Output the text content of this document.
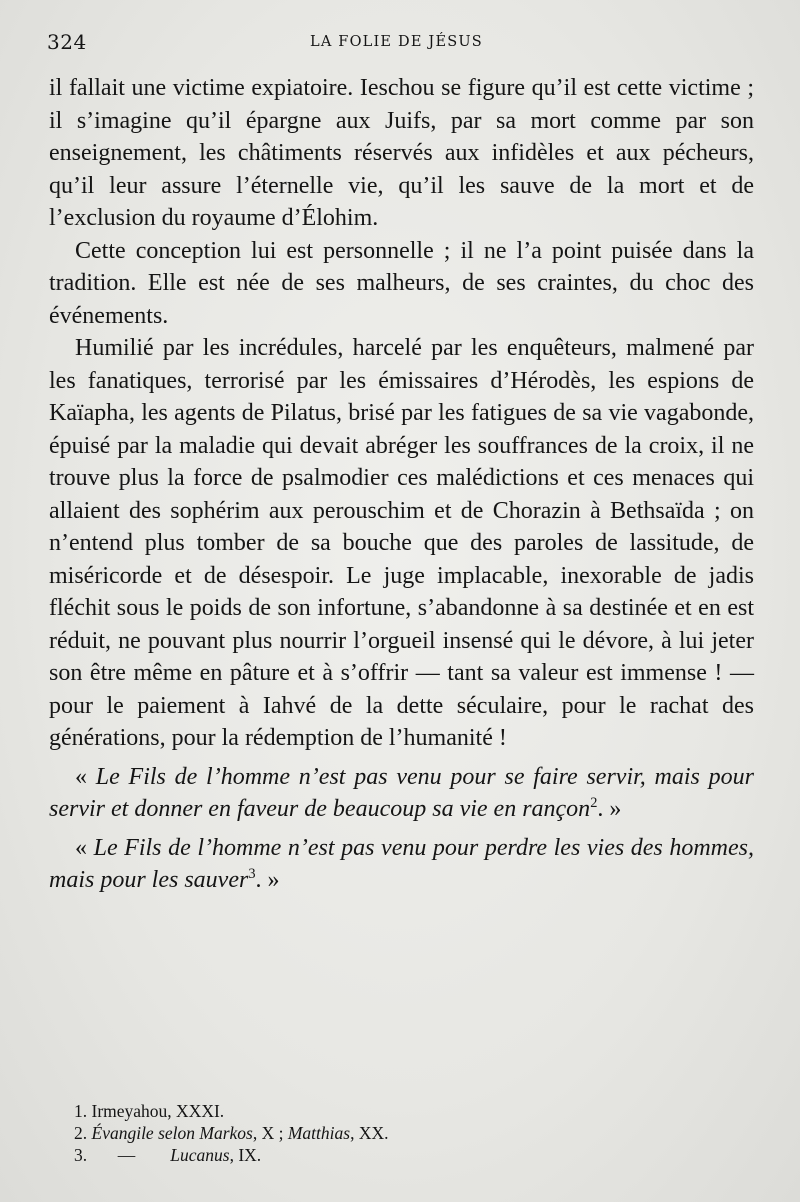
324	LA FOLIE DE JÉSUS

il fallait une victime expiatoire. Ieschou se figure qu’il est cette victime ; il s’imagine qu’il épargne aux Juifs, par sa mort comme par son enseignement, les châtiments réservés aux infidèles et aux pécheurs, qu’il leur assure l’éternelle vie, qu’il les sauve de la mort et de l’exclusion du royaume d’Élohim.

Cette conception lui est personnelle ; il ne l’a point puisée dans la tradition. Elle est née de ses malheurs, de ses craintes, du choc des événements.

Humilié par les incrédules, harcelé par les enquêteurs, malmené par les fanatiques, terrorisé par les émissaires d’Hérodès, les espions de Kaïapha, les agents de Pilatus, brisé par les fatigues de sa vie vagabonde, épuisé par la maladie qui devait abréger les souffrances de la croix, il ne trouve plus la force de psalmodier ces malédictions et ces menaces qui allaient des sophérim aux perouschim et de Chorazin à Bethsaïda ; on n’entend plus tomber de sa bouche que des paroles de lassitude, de miséricorde et de désespoir. Le juge implacable, inexorable de jadis fléchit sous le poids de son infortune, s’abandonne à sa destinée et en est réduit, ne pouvant plus nourrir l’orgueil insensé qui le dévore, à lui jeter son être même en pâture et à s’offrir — tant sa valeur est immense ! — pour le paiement à Iahvé de la dette séculaire, pour le rachat des générations, pour la rédemption de l’humanité !

« Le Fils de l’homme n’est pas venu pour se faire servir, mais pour servir et donner en faveur de beaucoup sa vie en rançon$^2$. »

« Le Fils de l’homme n’est pas venu pour perdre les vies des hommes, mais pour les sauver$^3$. »

1. Irmeyahou, XXXI.

2. Évangile selon Markos, X ; Matthias, XX.

3.       —        Lucanus, IX.
